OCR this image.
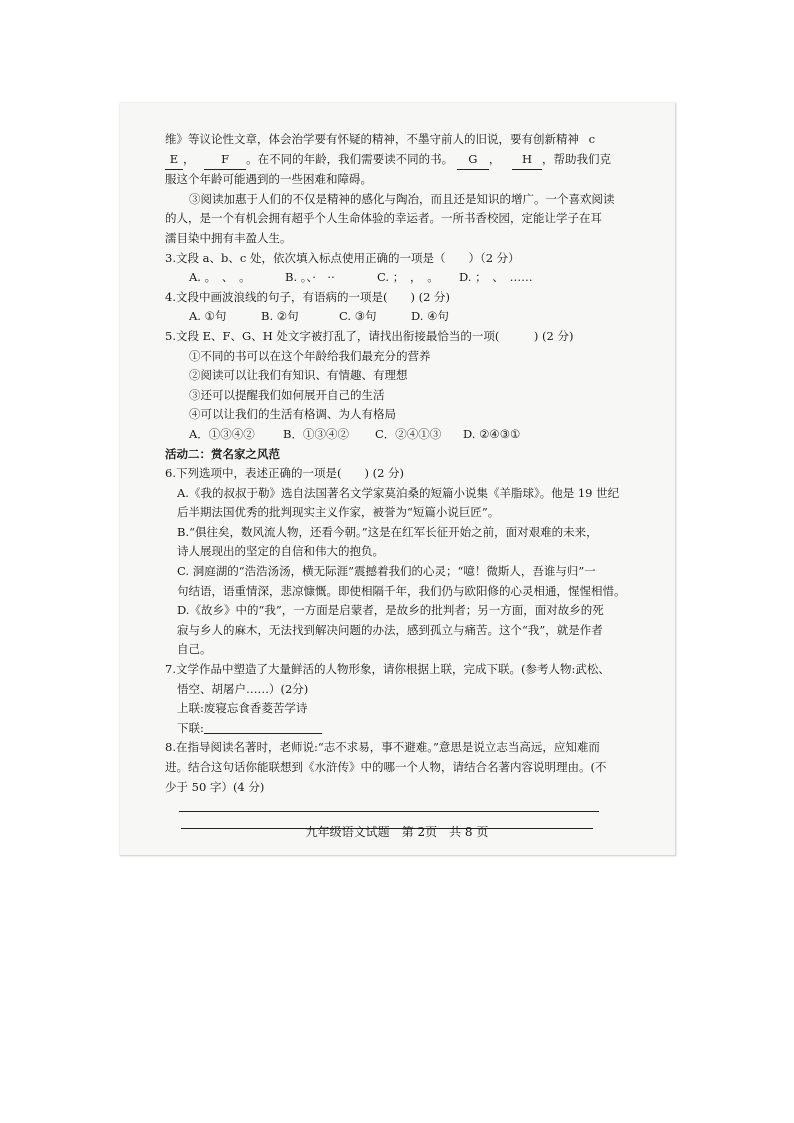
维》等议论性文章，体会治学要有怀疑的精神，不墨守前人的旧说，要有创新精神 c
E ， F 。在不同的年龄，我们需要读不同的书。 G ， H ，帮助我们克
服这个年龄可能遇到的一些困难和障碍。
③阅读加惠于人们的不仅是精神的感化与陶冶，而且还是知识的增广。一个喜欢阅读
的人，是一个有机会拥有超乎个人生命体验的幸运者。一所书香校园，定能让学子在耳
濡目染中拥有丰盈人生。
3.文段 a、b、c 处，依次填入标点使用正确的一项是（　　）（2 分）
A. 。　、　。	B. 。、·　··	C. ；　，　。 D. ；　、　……
4.文段中画波浪线的句子，有语病的一项是(　　) (2 分)
A. ①句	B. ②句	C. ③句	D. ④句
5.文段 E、F、G、H 处文字被打乱了，请找出衔接最恰当的一项(　　　) (2 分)
①不同的书可以在这个年龄给我们最充分的营养
②阅读可以让我们有知识、有情趣、有理想
③还可以提醒我们如何展开自己的生活
④可以让我们的生活有格调、为人有格局
A．①③④② B．①③④② C．②④①③ D. ②④③①
活动二：赏名家之风范
6.下列选项中，表述正确的一项是(　　) (2 分)
A.《我的叔叔于勒》选自法国著名文学家莫泊桑的短篇小说集《羊脂球》。他是 19 世纪
后半期法国优秀的批判现实主义作家，被誉为“短篇小说巨匠”。
B.“俱往矣，数风流人物，还看今朝。”这是在红军长征开始之前，面对艰难的未来，
诗人展现出的坚定的自信和伟大的抱负。
C. 洞庭湖的“浩浩汤汤，横无际涯”震撼着我们的心灵；“噫！微斯人，吾谁与归”一
句结语，语重情深，悲凉慷慨。即使相隔千年，我们仍与欧阳修的心灵相通，惺惺相惜。
D.《故乡》中的“我”，一方面是启蒙者，是故乡的批判者；另一方面，面对故乡的死
寂与乡人的麻木，无法找到解决问题的办法，感到孤立与痛苦。这个“我”，就是作者
自己。
7.文学作品中塑造了大量鲜活的人物形象，请你根据上联，完成下联。(参考人物:武松、
悟空、胡屠户……）(2分)
上联:废寝忘食香菱苦学诗
下联:
8.在指导阅读名著时，老师说:“志不求易，事不避难。”意思是说立志当高远，应知难而
进。结合这句话你能联想到《水浒传》中的哪一个人物，请结合名著内容说明理由。(不
少于 50 字）(4 分)
九年级语文试题　第 2页　共 8 页
